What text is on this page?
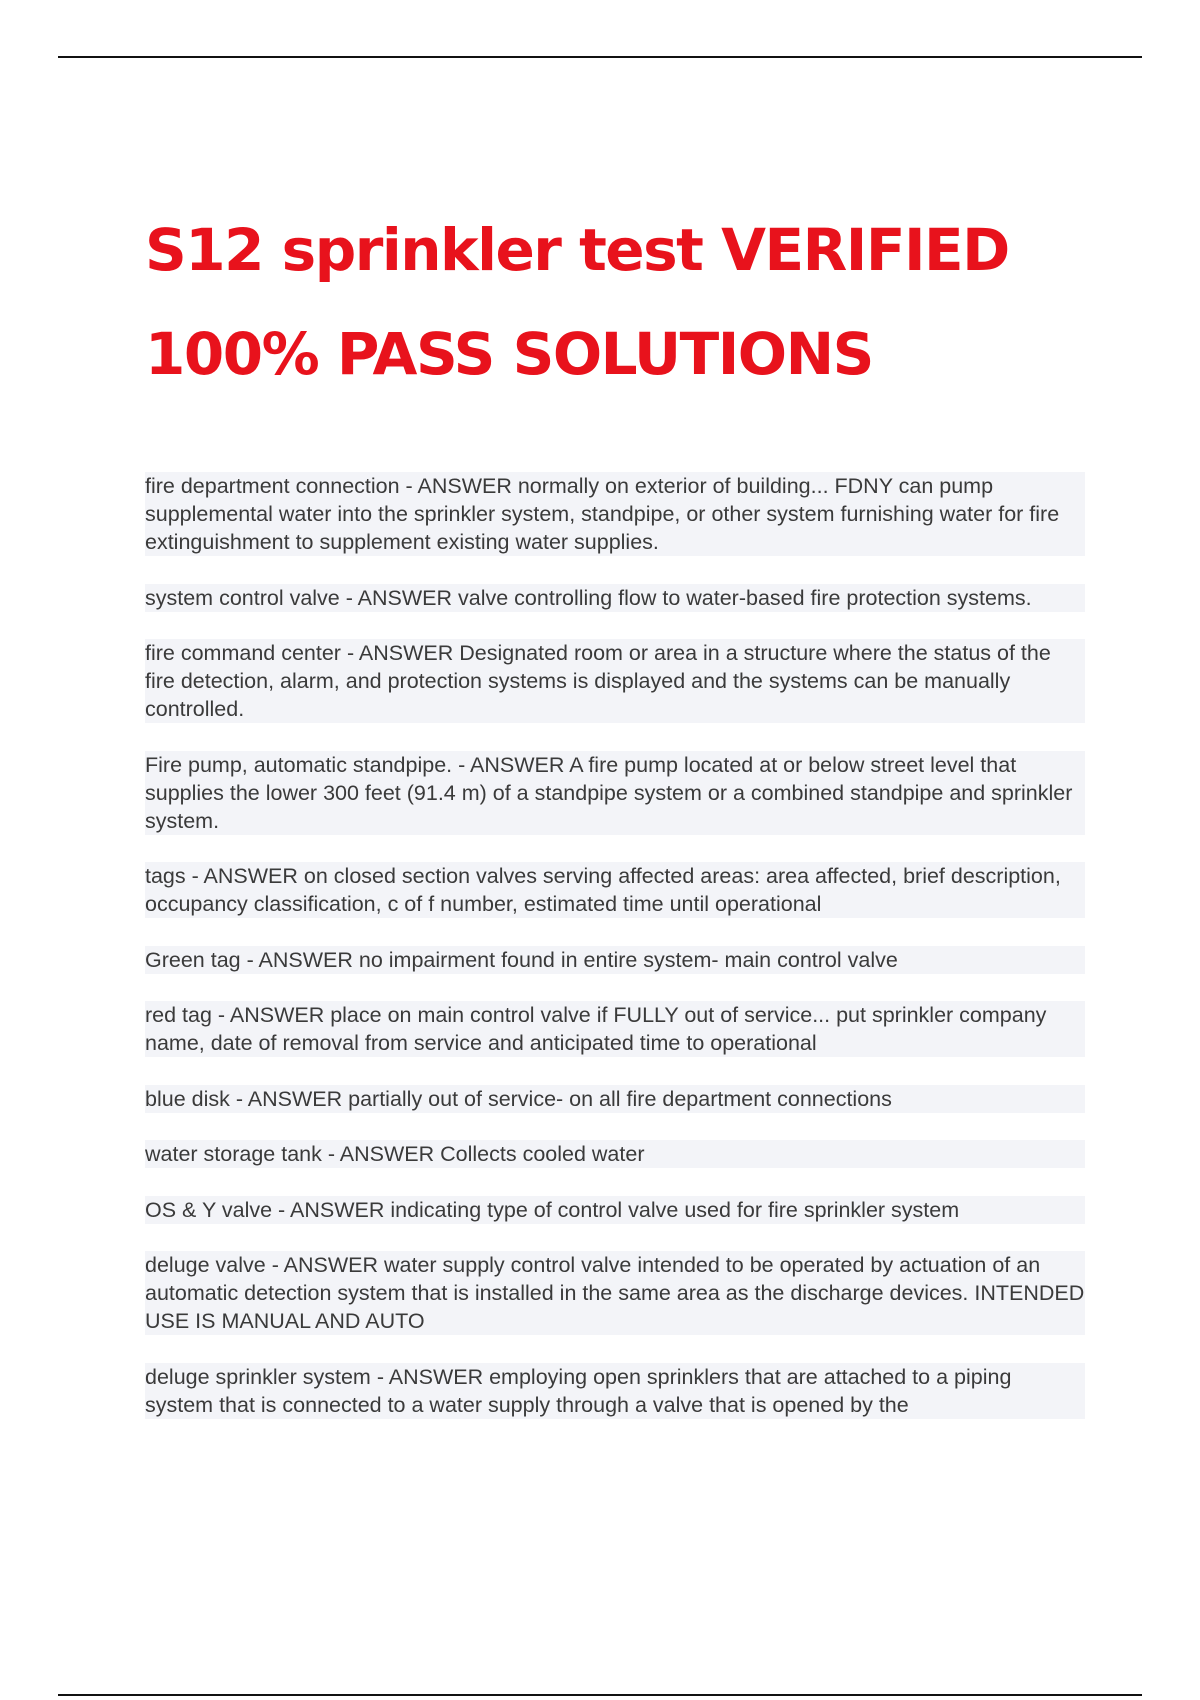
S12 sprinkler test VERIFIED
100% PASS SOLUTIONS

fire department connection - ANSWER normally on exterior of building... FDNY can pump supplemental water into the sprinkler system, standpipe, or other system furnishing water for fire extinguishment to supplement existing water supplies.

system control valve - ANSWER valve controlling flow to water-based fire protection systems.

fire command center - ANSWER Designated room or area in a structure where the status of the fire detection, alarm, and protection systems is displayed and the systems can be manually controlled.

Fire pump, automatic standpipe. - ANSWER A fire pump located at or below street level that supplies the lower 300 feet (91.4 m) of a standpipe system or a combined standpipe and sprinkler system.

tags - ANSWER on closed section valves serving affected areas: area affected, brief description, occupancy classification, c of f number, estimated time until operational

Green tag - ANSWER no impairment found in entire system- main control valve

red tag - ANSWER place on main control valve if FULLY out of service... put sprinkler company name, date of removal from service and anticipated time to operational

blue disk - ANSWER partially out of service- on all fire department connections

water storage tank - ANSWER Collects cooled water

OS & Y valve - ANSWER indicating type of control valve used for fire sprinkler system

deluge valve - ANSWER water supply control valve intended to be operated by actuation of an automatic detection system that is installed in the same area as the discharge devices. INTENDED USE IS MANUAL AND AUTO

deluge sprinkler system - ANSWER employing open sprinklers that are attached to a piping system that is connected to a water supply through a valve that is opened by the
